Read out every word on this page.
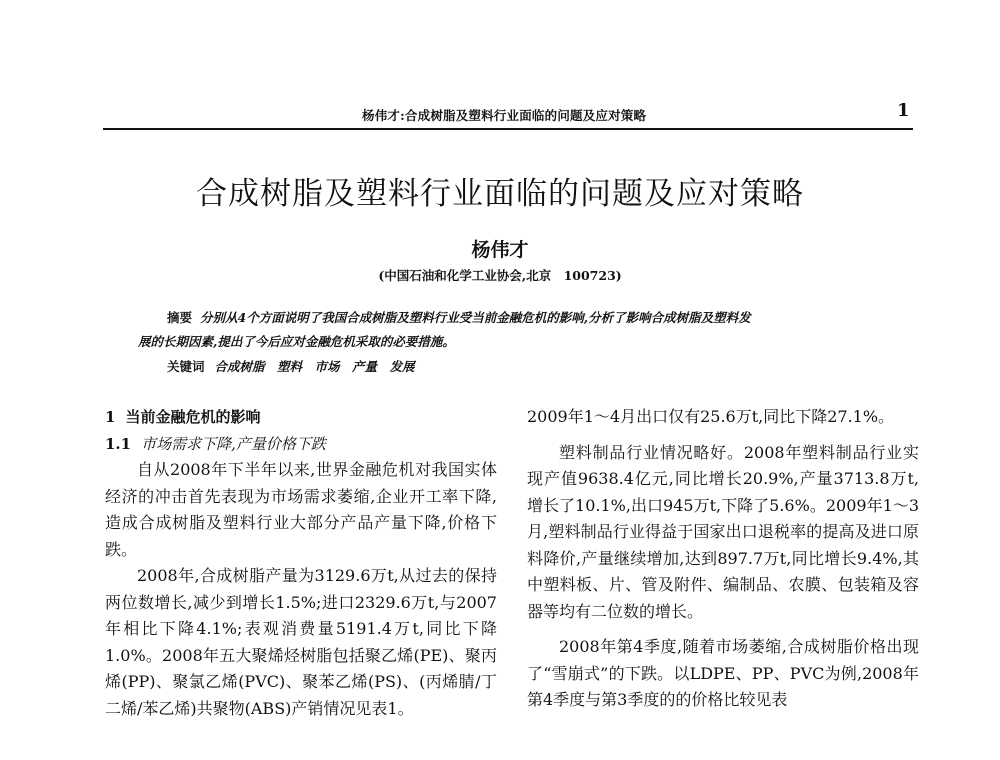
杨伟才:合成树脂及塑料行业面临的问题及应对策略	1
合成树脂及塑料行业面临的问题及应对策略
杨伟才
(中国石油和化学工业协会,北京　100723)
摘要 分别从4个方面说明了我国合成树脂及塑料行业受当前金融危机的影响,分析了影响合成树脂及塑料发
展的长期因素,提出了今后应对金融危机采取的必要措施。
关键词 合成树脂　塑料　市场　产量　发展
1 当前金融危机的影响
1.1 市场需求下降,产量价格下跌

自从2008年下半年以来,世界金融危机对我国实体经济的冲击首先表现为市场需求萎缩,企业开工率下降,造成合成树脂及塑料行业大部分产品产量下降,价格下跌。

2008年,合成树脂产量为3129.6万t,从过去的保持两位数增长,减少到增长1.5%;进口2329.6万t,与2007年相比下降4.1%;表观消费量5191.4万t,同比下降1.0%。2008年五大聚烯烃树脂包括聚乙烯(PE)、聚丙烯(PP)、聚氯乙烯(PVC)、聚苯乙烯(PS)、(丙烯腈/丁二烯/苯乙烯)共聚物(ABS)产销情况见表1。

2009年1～4月出口仅有25.6万t,同比下降27.1%。

塑料制品行业情况略好。2008年塑料制品行业实现产值9638.4亿元,同比增长20.9%,产量3713.8万t,增长了10.1%,出口945万t,下降了5.6%。2009年1～3月,塑料制品行业得益于国家出口退税率的提高及进口原料降价,产量继续增加,达到897.7万t,同比增长9.4%,其中塑料板、片、管及附件、编制品、农膜、包装箱及容器等均有二位数的增长。

2008年第4季度,随着市场萎缩,合成树脂价格出现了“雪崩式”的下跌。以LDPE、PP、PVC为例,2008年第4季度与第3季度的的价格比较见表
